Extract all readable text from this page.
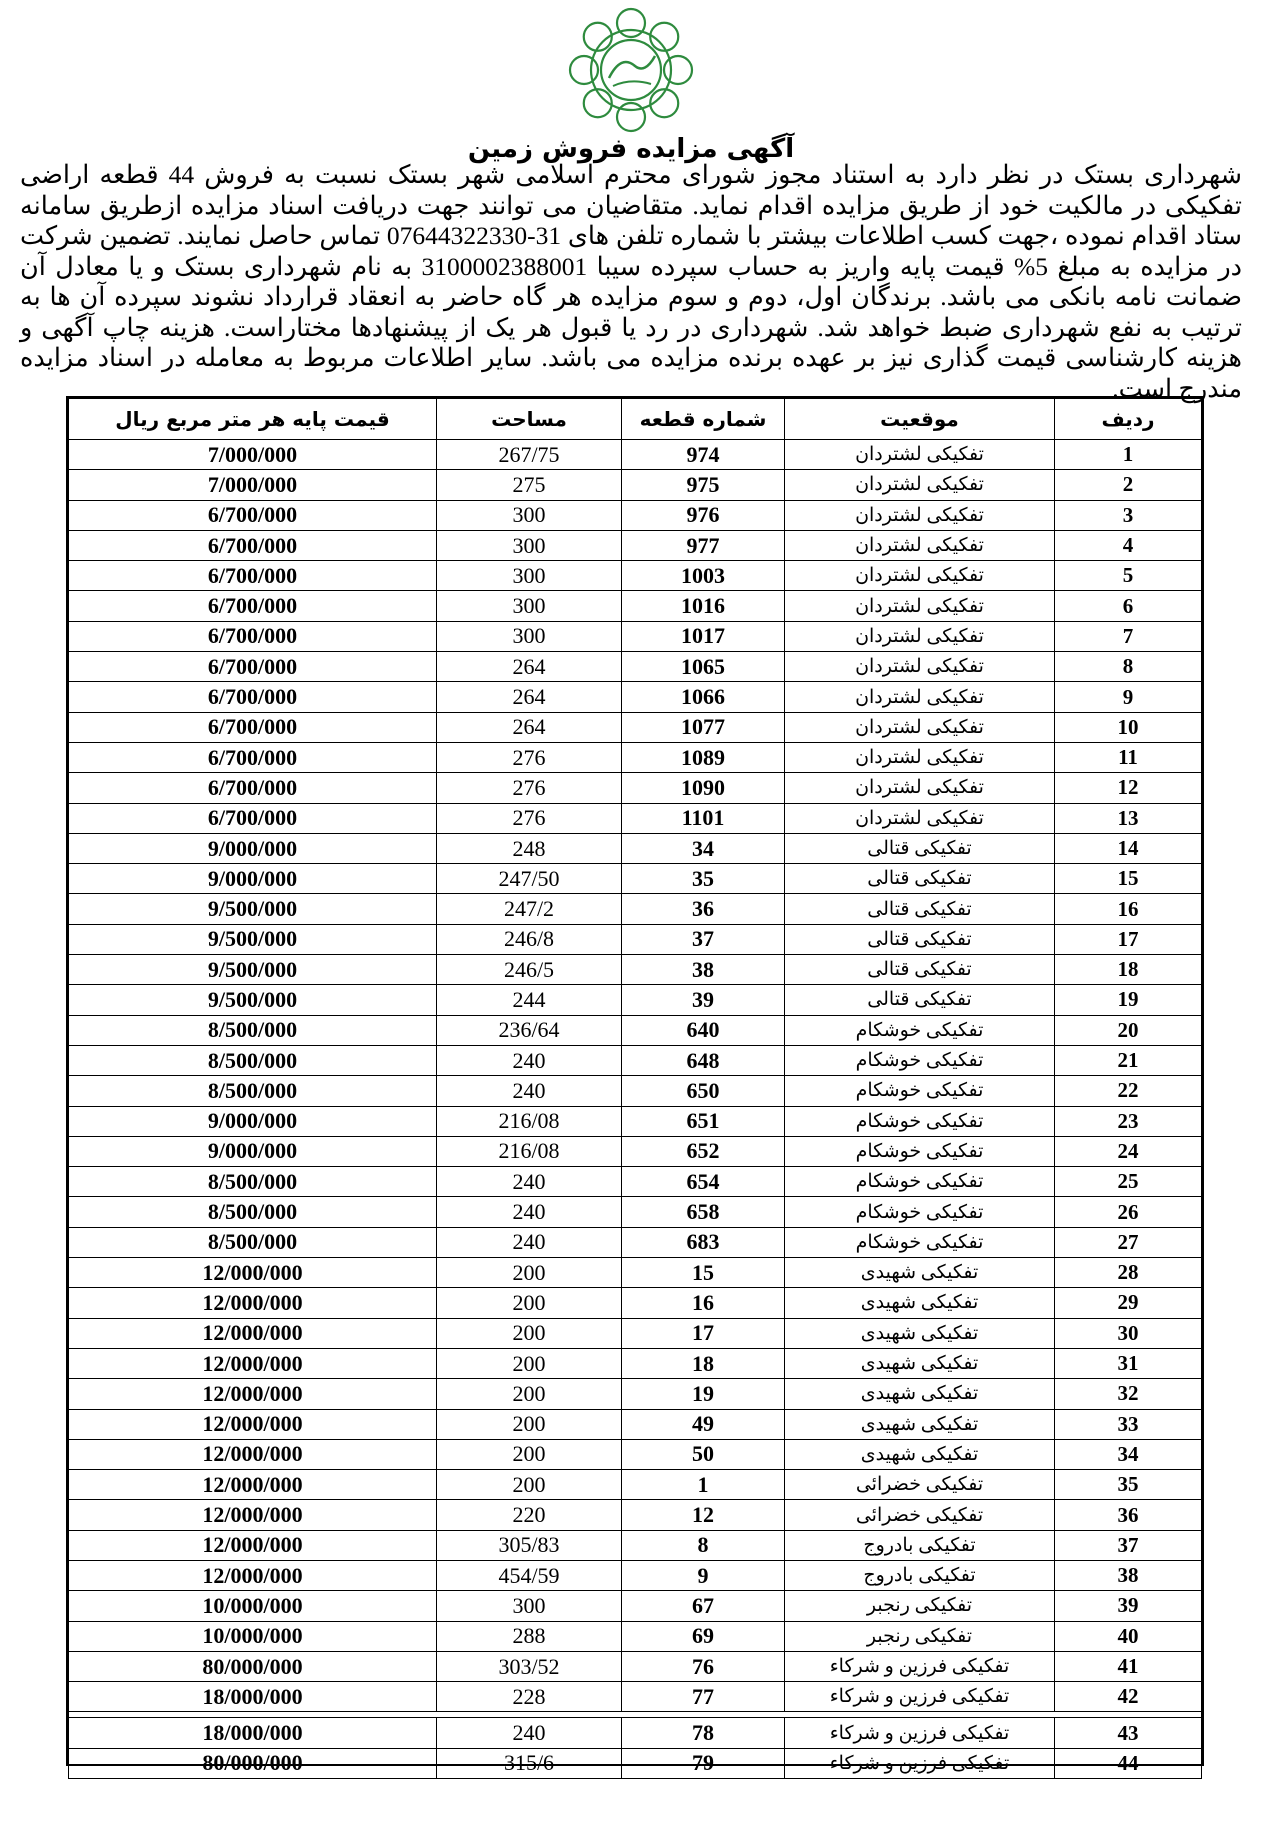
آگهی مزایده فروش زمین

شهرداری بستک در نظر دارد به استناد مجوز شورای محترم اسلامی شهر بستک نسبت به فروش 44 قطعه اراضی تفکیکی در مالکیت خود از طریق مزایده اقدام نماید. متقاضیان می توانند جهت دریافت اسناد مزایده ازطریق سامانه ستاد اقدام نموده ،جهت کسب اطلاعات بیشتر با شماره تلفن های 31-07644322330 تماس حاصل نمایند. تضمین شرکت در مزایده به مبلغ 5% قیمت پایه واریز به حساب سپرده سیبا 3100002388001 به نام شهرداری بستک و یا معادل آن ضمانت نامه بانکی می باشد. برندگان اول، دوم و سوم مزایده هر گاه حاضر به انعقاد قرارداد نشوند سپرده آن ها به ترتیب به نفع شهرداری ضبط خواهد شد. شهرداری در رد یا قبول هر یک از پیشنهادها مختاراست. هزینه چاپ آگهی و هزینه کارشناسی قیمت گذاری نیز بر عهده برنده مزایده می باشد. سایر اطلاعات مربوط به معامله در اسناد مزایده مندرج است.

ردیف	موقعیت	شماره قطعه	مساحت	قیمت پایه هر متر مربع ریال
1	تفکیکی لشتردان	974	267/75	7/000/000
2	تفکیکی لشتردان	975	275	7/000/000
3	تفکیکی لشتردان	976	300	6/700/000
4	تفکیکی لشتردان	977	300	6/700/000
5	تفکیکی لشتردان	1003	300	6/700/000
6	تفکیکی لشتردان	1016	300	6/700/000
7	تفکیکی لشتردان	1017	300	6/700/000
8	تفکیکی لشتردان	1065	264	6/700/000
9	تفکیکی لشتردان	1066	264	6/700/000
10	تفکیکی لشتردان	1077	264	6/700/000
11	تفکیکی لشتردان	1089	276	6/700/000
12	تفکیکی لشتردان	1090	276	6/700/000
13	تفکیکی لشتردان	1101	276	6/700/000
14	تفکیکی قتالی	34	248	9/000/000
15	تفکیکی قتالی	35	247/50	9/000/000
16	تفکیکی قتالی	36	247/2	9/500/000
17	تفکیکی قتالی	37	246/8	9/500/000
18	تفکیکی قتالی	38	246/5	9/500/000
19	تفکیکی قتالی	39	244	9/500/000
20	تفکیکی خوشکام	640	236/64	8/500/000
21	تفکیکی خوشکام	648	240	8/500/000
22	تفکیکی خوشکام	650	240	8/500/000
23	تفکیکی خوشکام	651	216/08	9/000/000
24	تفکیکی خوشکام	652	216/08	9/000/000
25	تفکیکی خوشکام	654	240	8/500/000
26	تفکیکی خوشکام	658	240	8/500/000
27	تفکیکی خوشکام	683	240	8/500/000
28	تفکیکی شهیدی	15	200	12/000/000
29	تفکیکی شهیدی	16	200	12/000/000
30	تفکیکی شهیدی	17	200	12/000/000
31	تفکیکی شهیدی	18	200	12/000/000
32	تفکیکی شهیدی	19	200	12/000/000
33	تفکیکی شهیدی	49	200	12/000/000
34	تفکیکی شهیدی	50	200	12/000/000
35	تفکیکی خضرائی	1	200	12/000/000
36	تفکیکی خضرائی	12	220	12/000/000
37	تفکیکی بادروج	8	305/83	12/000/000
38	تفکیکی بادروج	9	454/59	12/000/000
39	تفکیکی رنجبر	67	300	10/000/000
40	تفکیکی رنجبر	69	288	10/000/000
41	تفکیکی فرزین و شرکاء	76	303/52	80/000/000
42	تفکیکی فرزین و شرکاء	77	228	18/000/000

43	تفکیکی فرزین و شرکاء	78	240	18/000/000
44	تفکیکی فرزین و شرکاء	79	315/6	80/000/000
